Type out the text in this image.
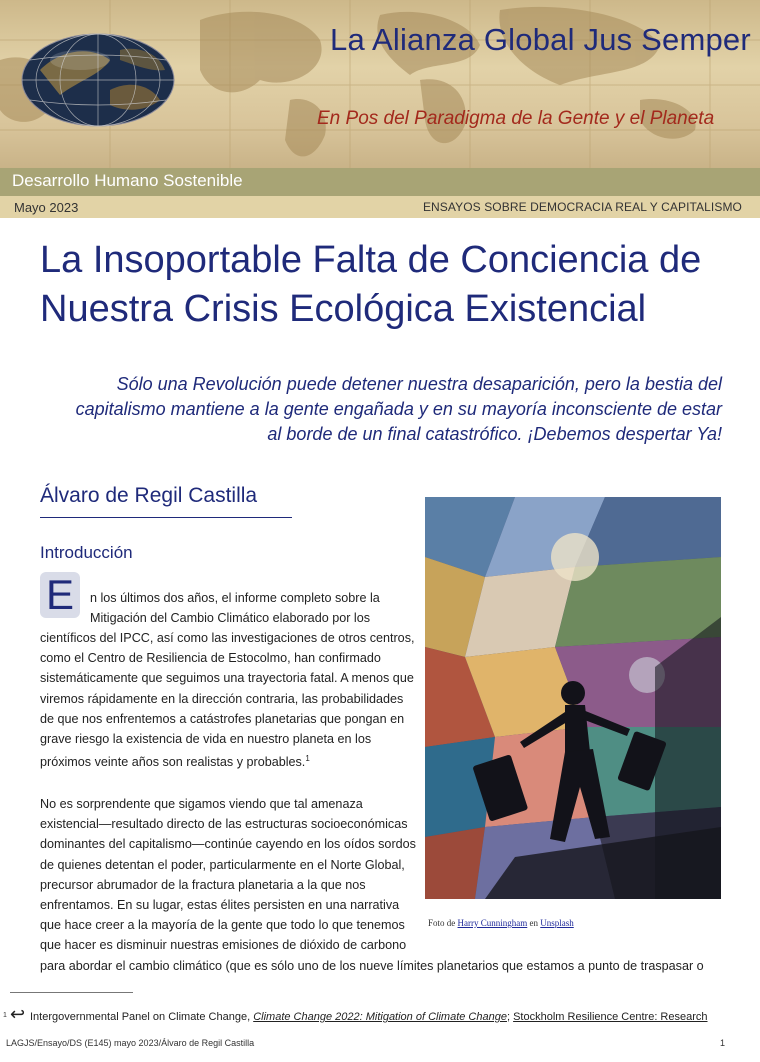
La Alianza Global Jus Semper
En Pos del Paradigma de la Gente y el Planeta
Desarrollo Humano Sostenible
Mayo 2023	ENSAYOS SOBRE DEMOCRACIA REAL Y CAPITALISMO
La Insoportable Falta de Conciencia de Nuestra Crisis Ecológica Existencial
Sólo una Revolución puede detener nuestra desaparición, pero la bestia del capitalismo mantiene a la gente engañada y en su mayoría inconsciente de estar al borde de un final catastrófico. ¡Debemos despertar Ya!
Álvaro de Regil Castilla
Introducción
E	n los últimos dos años, el informe completo sobre la
Mitigación del Cambio Climático elaborado por los
científicos del IPCC, así como las investigaciones de otros centros, como el Centro de Resiliencia de Estocolmo, han confirmado sistemáticamente que seguimos una trayectoria fatal. A menos que viremos rápidamente en la dirección contraria, las probabilidades de que nos enfrentemos a catástrofes planetarias que pongan en grave riesgo la existencia de vida en nuestro planeta en los próximos veinte años son realistas y probables.$^1$
No es sorprendente que sigamos viendo que tal amenaza existencial—resultado directo de las estructuras socioeconómicas dominantes del capitalismo—continúe cayendo en los oídos sordos de quienes detentan el poder, particularmente en el Norte Global, precursor abrumador de la fractura planetaria a la que nos enfrentamos. En su lugar, estas élites persisten en una narrativa que hace creer a la mayoría de la gente que todo lo que tenemos que hacer es disminuir nuestras emisiones de dióxido de carbono
para abordar el cambio climático (que es sólo uno de los nueve límites planetarios que estamos a punto de traspasar o
Foto de Harry Cunningham en Unsplash
1 ↩ Intergovernmental Panel on Climate Change, Climate Change 2022: Mitigation of Climate Change; Stockholm Resilience Centre: Research
LAGJS/Ensayo/DS (E145) mayo 2023/Álvaro de Regil Castilla	1
